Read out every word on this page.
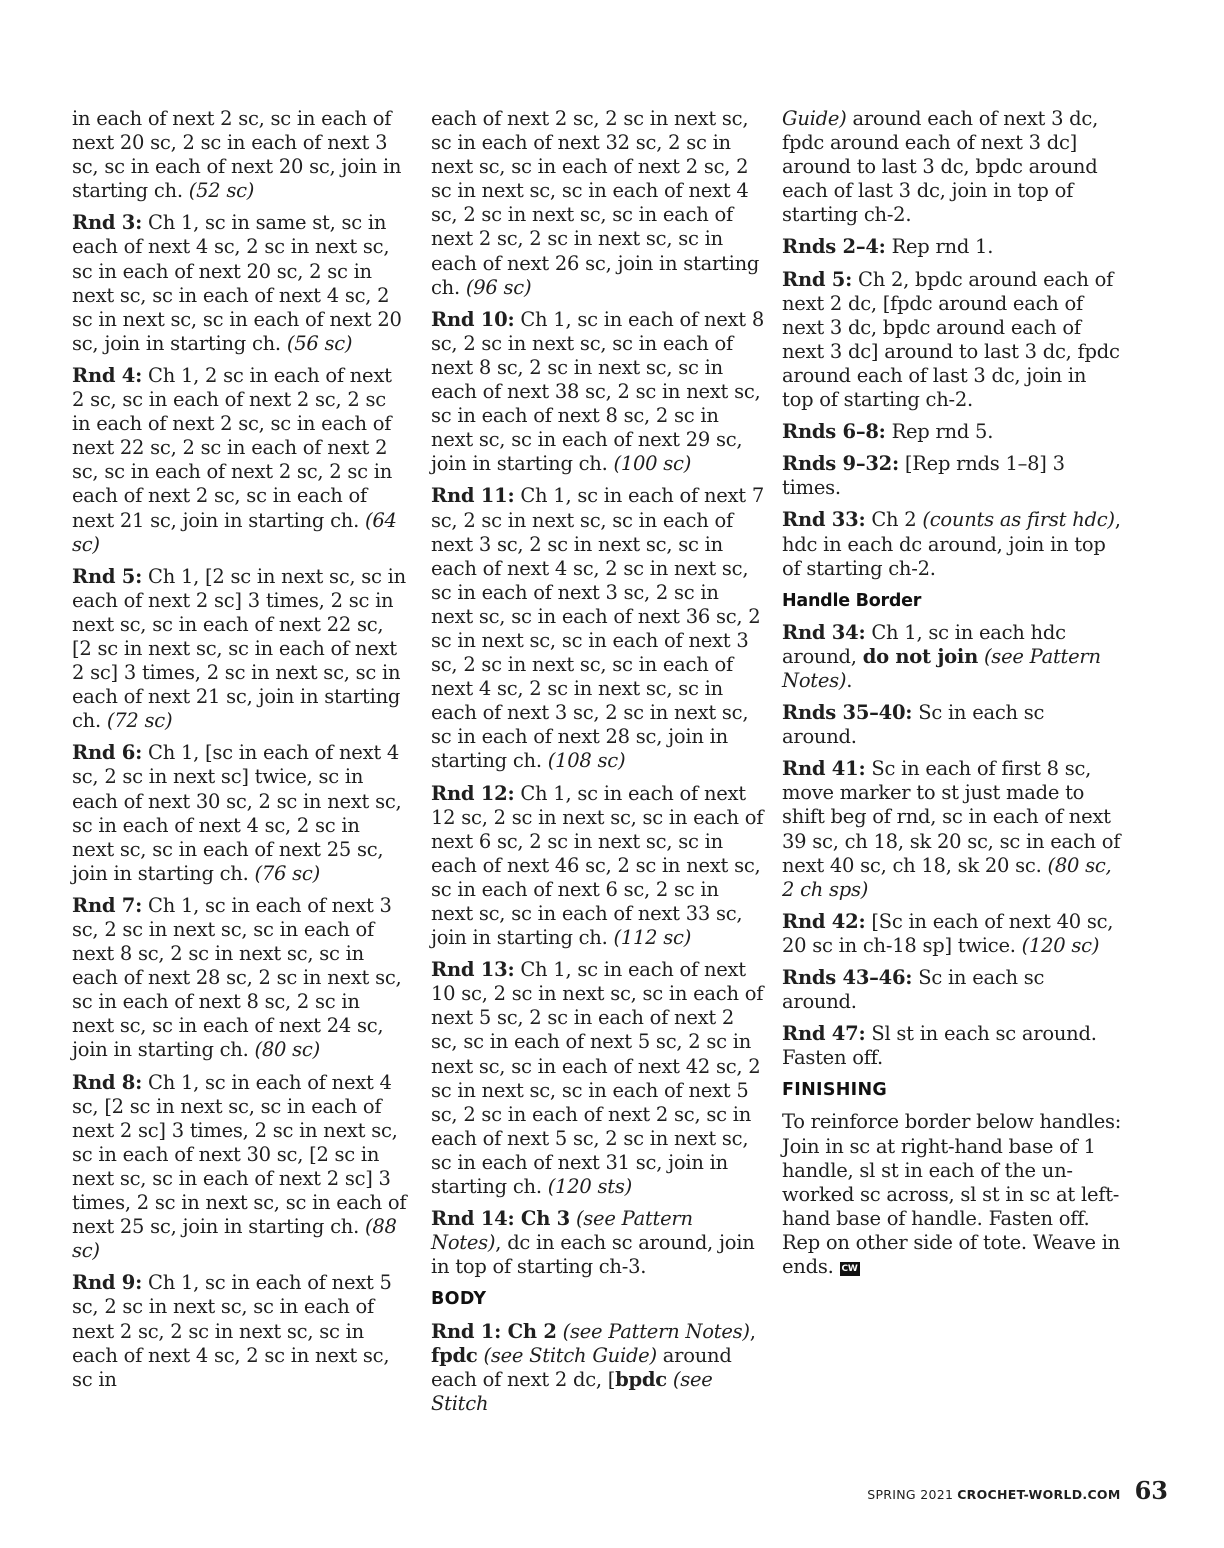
in each of next 2 sc, sc in each of next 20 sc, 2 sc in each of next 3 sc, sc in each of next 20 sc, join in starting ch. (52 sc)

Rnd 3: Ch 1, sc in same st, sc in each of next 4 sc, 2 sc in next sc, sc in each of next 20 sc, 2 sc in next sc, sc in each of next 4 sc, 2 sc in next sc, sc in each of next 20 sc, join in starting ch. (56 sc)

Rnd 4: Ch 1, 2 sc in each of next 2 sc, sc in each of next 2 sc, 2 sc in each of next 2 sc, sc in each of next 22 sc, 2 sc in each of next 2 sc, sc in each of next 2 sc, 2 sc in each of next 2 sc, sc in each of next 21 sc, join in starting ch. (64 sc)

Rnd 5: Ch 1, [2 sc in next sc, sc in each of next 2 sc] 3 times, 2 sc in next sc, sc in each of next 22 sc, [2 sc in next sc, sc in each of next 2 sc] 3 times, 2 sc in next sc, sc in each of next 21 sc, join in starting ch. (72 sc)

Rnd 6: Ch 1, [sc in each of next 4 sc, 2 sc in next sc] twice, sc in each of next 30 sc, 2 sc in next sc, sc in each of next 4 sc, 2 sc in next sc, sc in each of next 25 sc, join in starting ch. (76 sc)

Rnd 7: Ch 1, sc in each of next 3 sc, 2 sc in next sc, sc in each of next 8 sc, 2 sc in next sc, sc in each of next 28 sc, 2 sc in next sc, sc in each of next 8 sc, 2 sc in next sc, sc in each of next 24 sc, join in starting ch. (80 sc)

Rnd 8: Ch 1, sc in each of next 4 sc, [2 sc in next sc, sc in each of next 2 sc] 3 times, 2 sc in next sc, sc in each of next 30 sc, [2 sc in next sc, sc in each of next 2 sc] 3 times, 2 sc in next sc, sc in each of next 25 sc, join in starting ch. (88 sc)

Rnd 9: Ch 1, sc in each of next 5 sc, 2 sc in next sc, sc in each of next 2 sc, 2 sc in next sc, sc in each of next 4 sc, 2 sc in next sc, sc in

each of next 2 sc, 2 sc in next sc, sc in each of next 32 sc, 2 sc in next sc, sc in each of next 2 sc, 2 sc in next sc, sc in each of next 4 sc, 2 sc in next sc, sc in each of next 2 sc, 2 sc in next sc, sc in each of next 26 sc, join in starting ch. (96 sc)

Rnd 10: Ch 1, sc in each of next 8 sc, 2 sc in next sc, sc in each of next 8 sc, 2 sc in next sc, sc in each of next 38 sc, 2 sc in next sc, sc in each of next 8 sc, 2 sc in next sc, sc in each of next 29 sc, join in starting ch. (100 sc)

Rnd 11: Ch 1, sc in each of next 7 sc, 2 sc in next sc, sc in each of next 3 sc, 2 sc in next sc, sc in each of next 4 sc, 2 sc in next sc, sc in each of next 3 sc, 2 sc in next sc, sc in each of next 36 sc, 2 sc in next sc, sc in each of next 3 sc, 2 sc in next sc, sc in each of next 4 sc, 2 sc in next sc, sc in each of next 3 sc, 2 sc in next sc, sc in each of next 28 sc, join in starting ch. (108 sc)

Rnd 12: Ch 1, sc in each of next 12 sc, 2 sc in next sc, sc in each of next 6 sc, 2 sc in next sc, sc in each of next 46 sc, 2 sc in next sc, sc in each of next 6 sc, 2 sc in next sc, sc in each of next 33 sc, join in starting ch. (112 sc)

Rnd 13: Ch 1, sc in each of next 10 sc, 2 sc in next sc, sc in each of next 5 sc, 2 sc in each of next 2 sc, sc in each of next 5 sc, 2 sc in next sc, sc in each of next 42 sc, 2 sc in next sc, sc in each of next 5 sc, 2 sc in each of next 2 sc, sc in each of next 5 sc, 2 sc in next sc, sc in each of next 31 sc, join in starting ch. (120 sts)

Rnd 14: Ch 3 (see Pattern Notes), dc in each sc around, join in top of starting ch-3.

BODY

Rnd 1: Ch 2 (see Pattern Notes), fpdc (see Stitch Guide) around each of next 2 dc, [bpdc (see Stitch

Guide) around each of next 3 dc, fpdc around each of next 3 dc] around to last 3 dc, bpdc around each of last 3 dc, join in top of starting ch-2.

Rnds 2–4: Rep rnd 1.

Rnd 5: Ch 2, bpdc around each of next 2 dc, [fpdc around each of next 3 dc, bpdc around each of next 3 dc] around to last 3 dc, fpdc around each of last 3 dc, join in top of starting ch-2.

Rnds 6–8: Rep rnd 5.

Rnds 9–32: [Rep rnds 1–8] 3 times.

Rnd 33: Ch 2 (counts as first hdc), hdc in each dc around, join in top of starting ch-2.

Handle Border

Rnd 34: Ch 1, sc in each hdc around, do not join (see Pattern Notes).

Rnds 35–40: Sc in each sc around.

Rnd 41: Sc in each of first 8 sc, move marker to st just made to shift beg of rnd, sc in each of next 39 sc, ch 18, sk 20 sc, sc in each of next 40 sc, ch 18, sk 20 sc. (80 sc, 2 ch sps)

Rnd 42: [Sc in each of next 40 sc, 20 sc in ch-18 sp] twice. (120 sc)

Rnds 43–46: Sc in each sc around.

Rnd 47: Sl st in each sc around. Fasten off.

FINISHING

To reinforce border below handles: Join in sc at right-hand base of 1 handle, sl st in each of the unworked sc across, sl st in sc at left-hand base of handle. Fasten off. Rep on other side of tote. Weave in ends. CW

SPRING 2021 CROCHET-WORLD.COM 63
